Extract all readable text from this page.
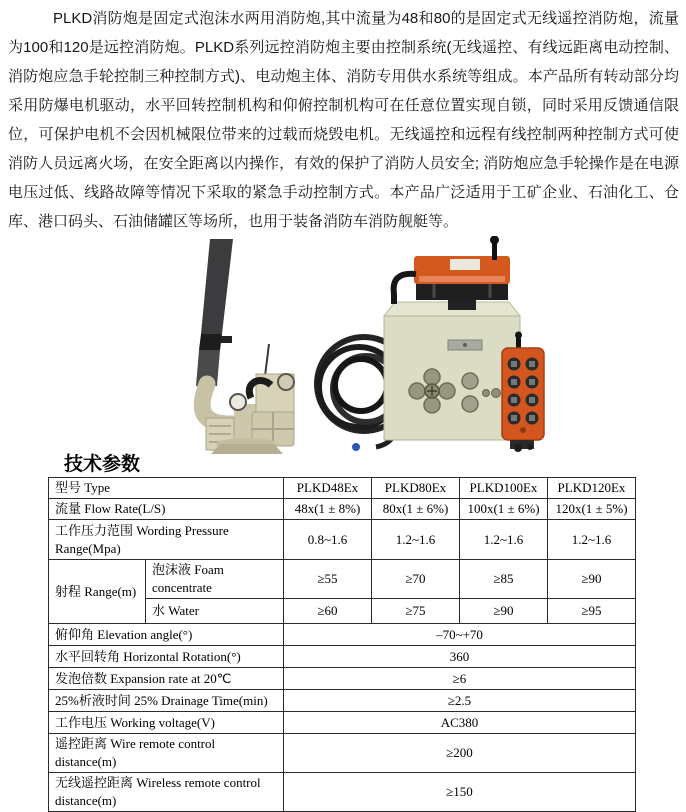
PLKD消防炮是固定式泡沫水两用消防炮,其中流量为48和80的是固定式无线遥控消防炮，流量为100和120是远控消防炮。PLKD系列远控消防炮主要由控制系统(无线遥控、有线远距离电动控制、消防炮应急手轮控制三种控制方式)、电动炮主体、消防专用供水系统等组成。本产品所有转动部分均采用防爆电机驱动，水平回转控制机构和仰俯控制机构可在任意位置实现自锁，同时采用反馈通信限位，可保护电机不会因机械限位带来的过载而烧毁电机。无线遥控和远程有线控制两种控制方式可使消防人员远离火场，在安全距离以内操作，有效的保护了消防人员安全; 消防炮应急手轮操作是在电源电压过低、线路故障等情况下采取的紧急手动控制方式。本产品广泛适用于工矿企业、石油化工、仓库、港口码头、石油储罐区等场所，也用于装备消防车消防舰艇等。

技术参数
型号 Type		PLKD48Ex	PLKD80Ex	PLKD100Ex	PLKD120Ex
流量 Flow Rate(L/S)		48x(1 ± 8%)	80x(1 ± 6%)	100x(1 ± 6%)	120x(1 ± 5%)
工作压力范围 Wording Pressure Range(Mpa)		0.8~1.6	1.2~1.6	1.2~1.6	1.2~1.6
射程 Range(m)	泡沫液 Foam concentrate	≥55	≥70	≥85	≥90
	水 Water	≥60	≥75	≥90	≥95
俯仰角 Elevation angle(°)		–70~+70			
水平回转角 Horizontal Rotation(°)		360			
发泡倍数 Expansion rate at 20℃		≥6			
25%析液时间 25% Drainage Time(min)		≥2.5			
工作电压 Working voltage(V)		AC380			
遥控距离 Wire remote control distance(m)		≥200			
无线遥控距离 Wireless remote control distance(m)		≥150			
